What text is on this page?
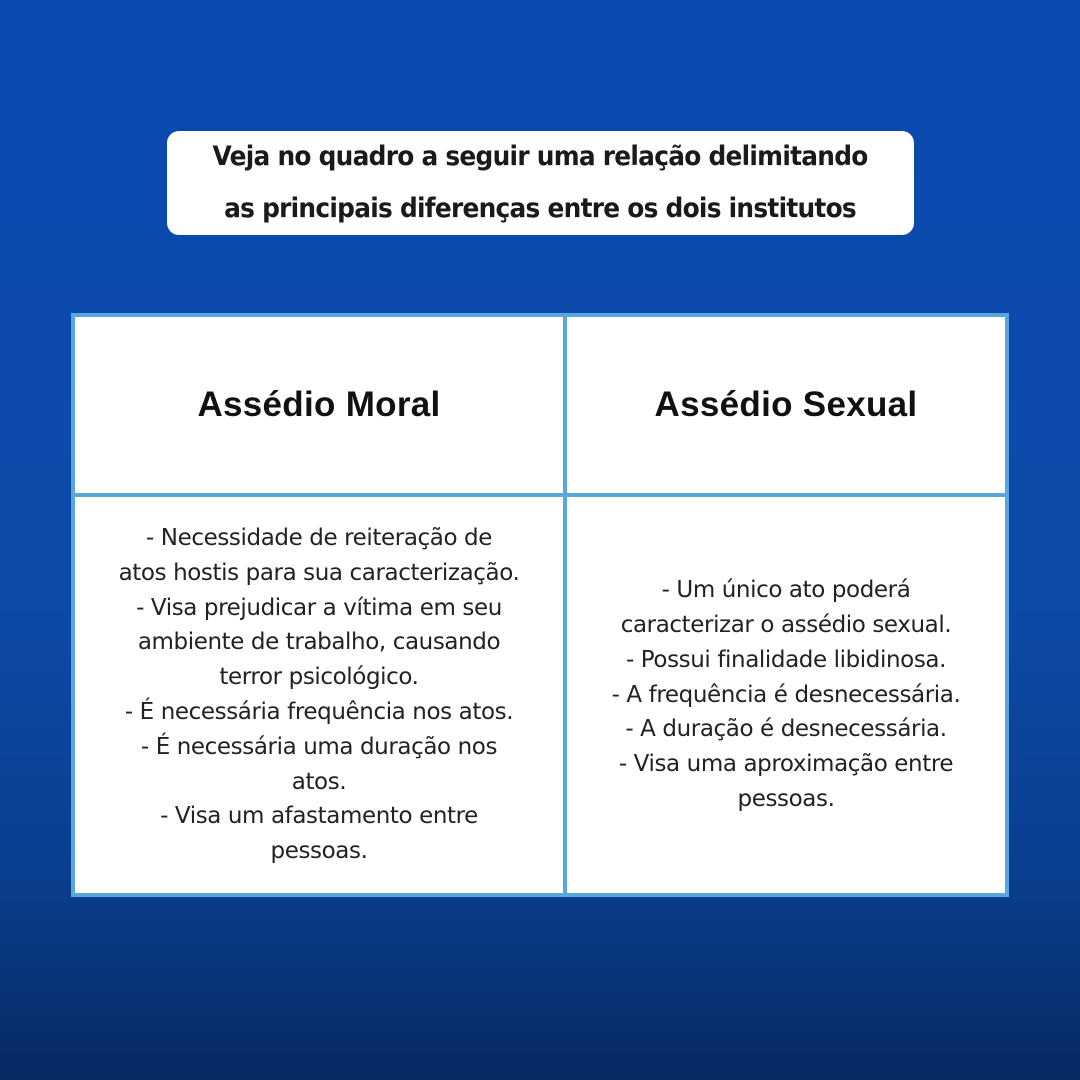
Veja no quadro a seguir uma relação delimitando
as principais diferenças entre os dois institutos
Assédio Moral	Assédio Sexual
- Necessidade de reiteração de
atos hostis para sua caracterização.
- Visa prejudicar a vítima em seu
ambiente de trabalho, causando
terror psicológico.
- É necessária frequência nos atos.
- É necessária uma duração nos
atos.
- Visa um afastamento entre
pessoas.
- Um único ato poderá
caracterizar o assédio sexual.
- Possui finalidade libidinosa.
- A frequência é desnecessária.
- A duração é desnecessária.
- Visa uma aproximação entre
pessoas.
